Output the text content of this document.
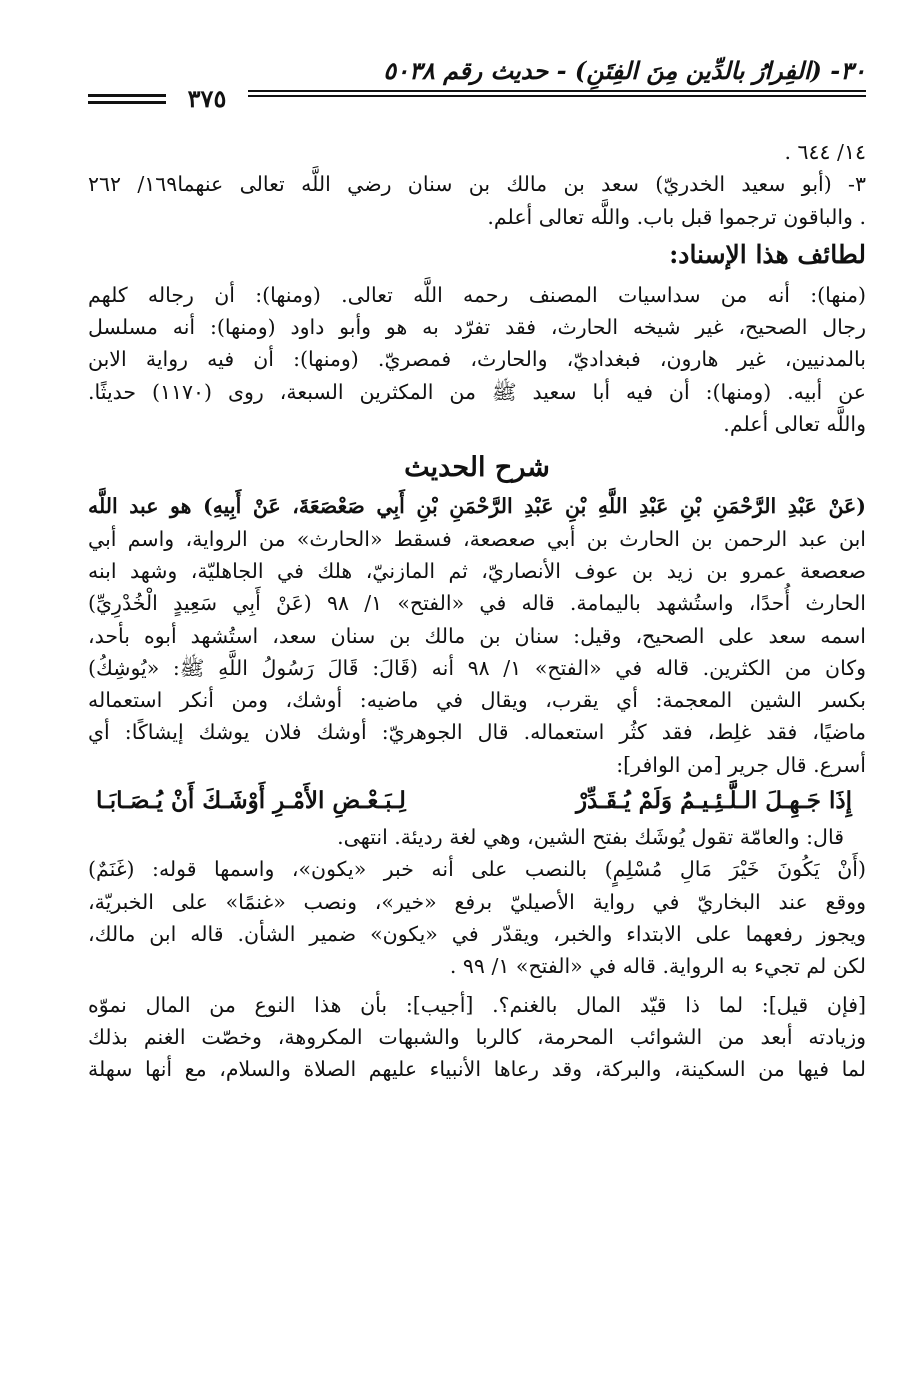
٣٠- (الفِرارُ بالدِّين مِنَ الفِتَنِ) - حديث رقم ٥٠٣٨
٣٧٥
١٤/ ٦٤٤ .
٣- (أبو سعيد الخدريّ) سعد بن مالك بن سنان رضي اللَّه تعالى عنهما١٦٩/ ٢٦٢
. والباقون ترجموا قبل باب. واللَّه تعالى أعلم.
لطائف هذا الإسناد:
(منها): أنه من سداسيات المصنف رحمه اللَّه تعالى. (ومنها): أن رجاله كلهم
رجال الصحيح، غير شيخه الحارث، فقد تفرّد به هو وأبو داود (ومنها): أنه مسلسل
بالمدنيين، غير هارون، فبغداديّ، والحارث، فمصريّ. (ومنها): أن فيه رواية الابن
عن أبيه. (ومنها): أن فيه أبا سعيد ﷺ من المكثرين السبعة، روى (١١٧٠) حديثًا.
واللَّه تعالى أعلم.
شرح الحديث
(عَنْ عَبْدِ الرَّحْمَنِ بْنِ عَبْدِ اللَّهِ بْنِ عَبْدِ الرَّحْمَنِ بْنِ أَبِي صَعْصَعَةَ، عَنْ أَبِيهِ) هو عبد اللَّه
ابن عبد الرحمن بن الحارث بن أبي صعصعة، فسقط «الحارث» من الرواية، واسم أبي
صعصعة عمرو بن زيد بن عوف الأنصاريّ، ثم المازنيّ، هلك في الجاهليّة، وشهد ابنه
الحارث أُحدًا، واستُشهد باليمامة. قاله في «الفتح» ١/ ٩٨ (عَنْ أَبِي سَعِيدٍ الْخُدْرِيِّ)
اسمه سعد على الصحيح، وقيل: سنان بن مالك بن سنان سعد، استُشهد أبوه بأحد،
وكان من الكثرين. قاله في «الفتح» ١/ ٩٨ أنه (قَالَ: قَالَ رَسُولُ اللَّهِ ﷺ: «يُوشِكُ)
بكسر الشين المعجمة: أي يقرب، ويقال في ماضيه: أوشك، ومن أنكر استعماله
ماضيًا، فقد غلِط، فقد كثُر استعماله. قال الجوهريّ: أوشك فلان يوشك إيشاكًا: أي
أسرع. قال جرير [من الوافر]:
إِذَا جَـهِـلَ الـلَّـئِـيـمُ وَلَمْ يُـقَـدِّرْ
لِـبَـعْـضِ الأَمْـرِ أَوْشَـكَ أَنْ يُـصَـابَـا
قال: والعامّة تقول يُوشَك بفتح الشين، وهي لغة رديئة. انتهى.
(أَنْ يَكُونَ خَيْرَ مَالِ مُسْلِمٍ) بالنصب على أنه خبر «يكون»، واسمها قوله: (غَنَمٌ)
ووقع عند البخاريّ في رواية الأصيليّ برفع «خير»، ونصب «غنمًا» على الخبريّة،
ويجوز رفعهما على الابتداء والخبر، ويقدّر في «يكون» ضمير الشأن. قاله ابن مالك،
لكن لم تجيء به الرواية. قاله في «الفتح» ١/ ٩٩ .
[فإن قيل]: لما ذا قيّد المال بالغنم؟. [أجيب]: بأن هذا النوع من المال نموّه
وزيادته أبعد من الشوائب المحرمة، كالربا والشبهات المكروهة، وخصّت الغنم بذلك
لما فيها من السكينة، والبركة، وقد رعاها الأنبياء عليهم الصلاة والسلام، مع أنها سهلة
